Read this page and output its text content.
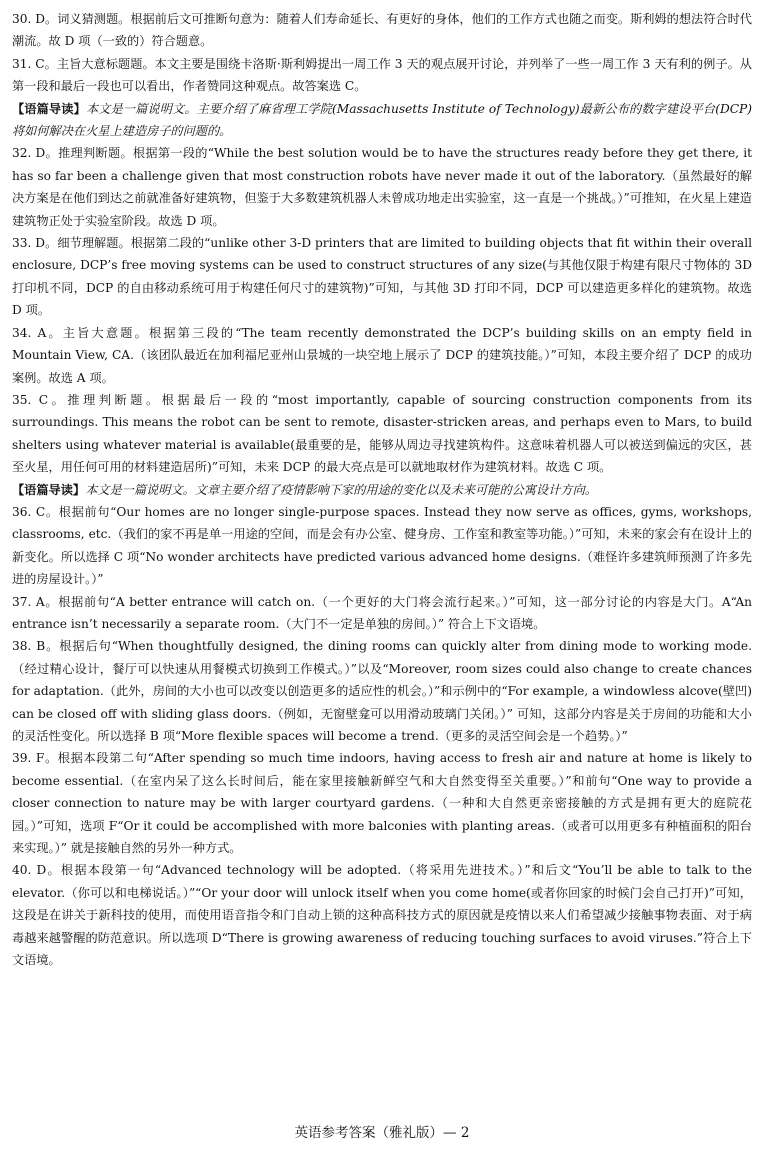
30. D。词义猜测题。根据前后文可推断句意为：随着人们寿命延长、有更好的身体，他们的工作方式也随之而变。斯利姆的想法符合时代潮流。故 D 项（一致的）符合题意。
31. C。主旨大意标题题。本文主要是围绕卡洛斯·斯利姆提出一周工作 3 天的观点展开讨论，并列举了一些一周工作 3 天有利的例子。从第一段和最后一段也可以看出，作者赞同这种观点。故答案选 C。
【语篇导读】本文是一篇说明文。主要介绍了麻省理工学院(Massachusetts Institute of Technology)最新公布的数字建设平台(DCP)将如何解决在火星上建造房子的问题的。
32. D。推理判断题。根据第一段的“While the best solution would be to have the structures ready before they get there, it has so far been a challenge given that most construction robots have never made it out of the laboratory.（虽然最好的解决方案是在他们到达之前就准备好建筑物，但鉴于大多数建筑机器人未曾成功地走出实验室，这一直是一个挑战。）”可推知，在火星上建造建筑物正处于实验室阶段。故选 D 项。
33. D。细节理解题。根据第二段的“unlike other 3-D printers that are limited to building objects that fit within their overall enclosure, DCP’s free moving systems can be used to construct structures of any size(与其他仅限于构建有限尺寸物体的 3D 打印机不同，DCP 的自由移动系统可用于构建任何尺寸的建筑物)”可知，与其他 3D 打印不同，DCP 可以建造更多样化的建筑物。故选 D 项。
34. A。主旨大意题。根据第三段的“The team recently demonstrated the DCP’s building skills on an empty field in Mountain View, CA.（该团队最近在加利福尼亚州山景城的一块空地上展示了 DCP 的建筑技能。）”可知，本段主要介绍了 DCP 的成功案例。故选 A 项。
35. C。推理判断题。根据最后一段的“most importantly, capable of sourcing construction components from its surroundings. This means the robot can be sent to remote, disaster-stricken areas, and perhaps even to Mars, to build shelters using whatever material is available(最重要的是，能够从周边寻找建筑构件。这意味着机器人可以被送到偏远的灾区，甚至火星，用任何可用的材料建造居所)”可知，未来 DCP 的最大亮点是可以就地取材作为建筑材料。故选 C 项。
【语篇导读】本文是一篇说明文。文章主要介绍了疫情影响下家的用途的变化以及未来可能的公寓设计方向。
36. C。根据前句“Our homes are no longer single-purpose spaces. Instead they now serve as offices, gyms, workshops, classrooms, etc.（我们的家不再是单一用途的空间，而是会有办公室、健身房、工作室和教室等功能。）”可知，未来的家会有在设计上的新变化。所以选择 C 项“No wonder architects have predicted various advanced home designs.（难怪许多建筑师预测了许多先进的房屋设计。）”
37. A。根据前句“A better entrance will catch on.（一个更好的大门将会流行起来。）”可知，这一部分讨论的内容是大门。A“An entrance isn’t necessarily a separate room.（大门不一定是单独的房间。）” 符合上下文语境。
38. B。根据后句“When thoughtfully designed, the dining rooms can quickly alter from dining mode to working mode.（经过精心设计，餐厅可以快速从用餐模式切换到工作模式。）”以及“Moreover, room sizes could also change to create chances for adaptation.（此外，房间的大小也可以改变以创造更多的适应性的机会。）”和示例中的“For example, a windowless alcove(壁凹) can be closed off with sliding glass doors.（例如，无窗壁龛可以用滑动玻璃门关闭。）” 可知，这部分内容是关于房间的功能和大小的灵活性变化。所以选择 B 项“More flexible spaces will become a trend.（更多的灵活空间会是一个趋势。）”
39. F。根据本段第二句“After spending so much time indoors, having access to fresh air and nature at home is likely to become essential.（在室内呆了这么长时间后，能在家里接触新鲜空气和大自然变得至关重要。）”和前句“One way to provide a closer connection to nature may be with larger courtyard gardens.（一种和大自然更亲密接触的方式是拥有更大的庭院花园。）”可知，选项 F“Or it could be accomplished with more balconies with planting areas.（或者可以用更多有种植面积的阳台来实现。）” 就是接触自然的另外一种方式。
40. D。根据本段第一句“Advanced technology will be adopted.（将采用先进技术。）”和后文“You’ll be able to talk to the elevator.（你可以和电梯说话。）”“Or your door will unlock itself when you come home(或者你回家的时候门会自己打开)”可知，这段是在讲关于新科技的使用，而使用语音指令和门自动上锁的这种高科技方式的原因就是疫情以来人们希望减少接触事物表面、对于病毒越来越警醒的防范意识。所以选项 D“There is growing awareness of reducing touching surfaces to avoid viruses.”符合上下文语境。
英语参考答案（雅礼版）— 2
